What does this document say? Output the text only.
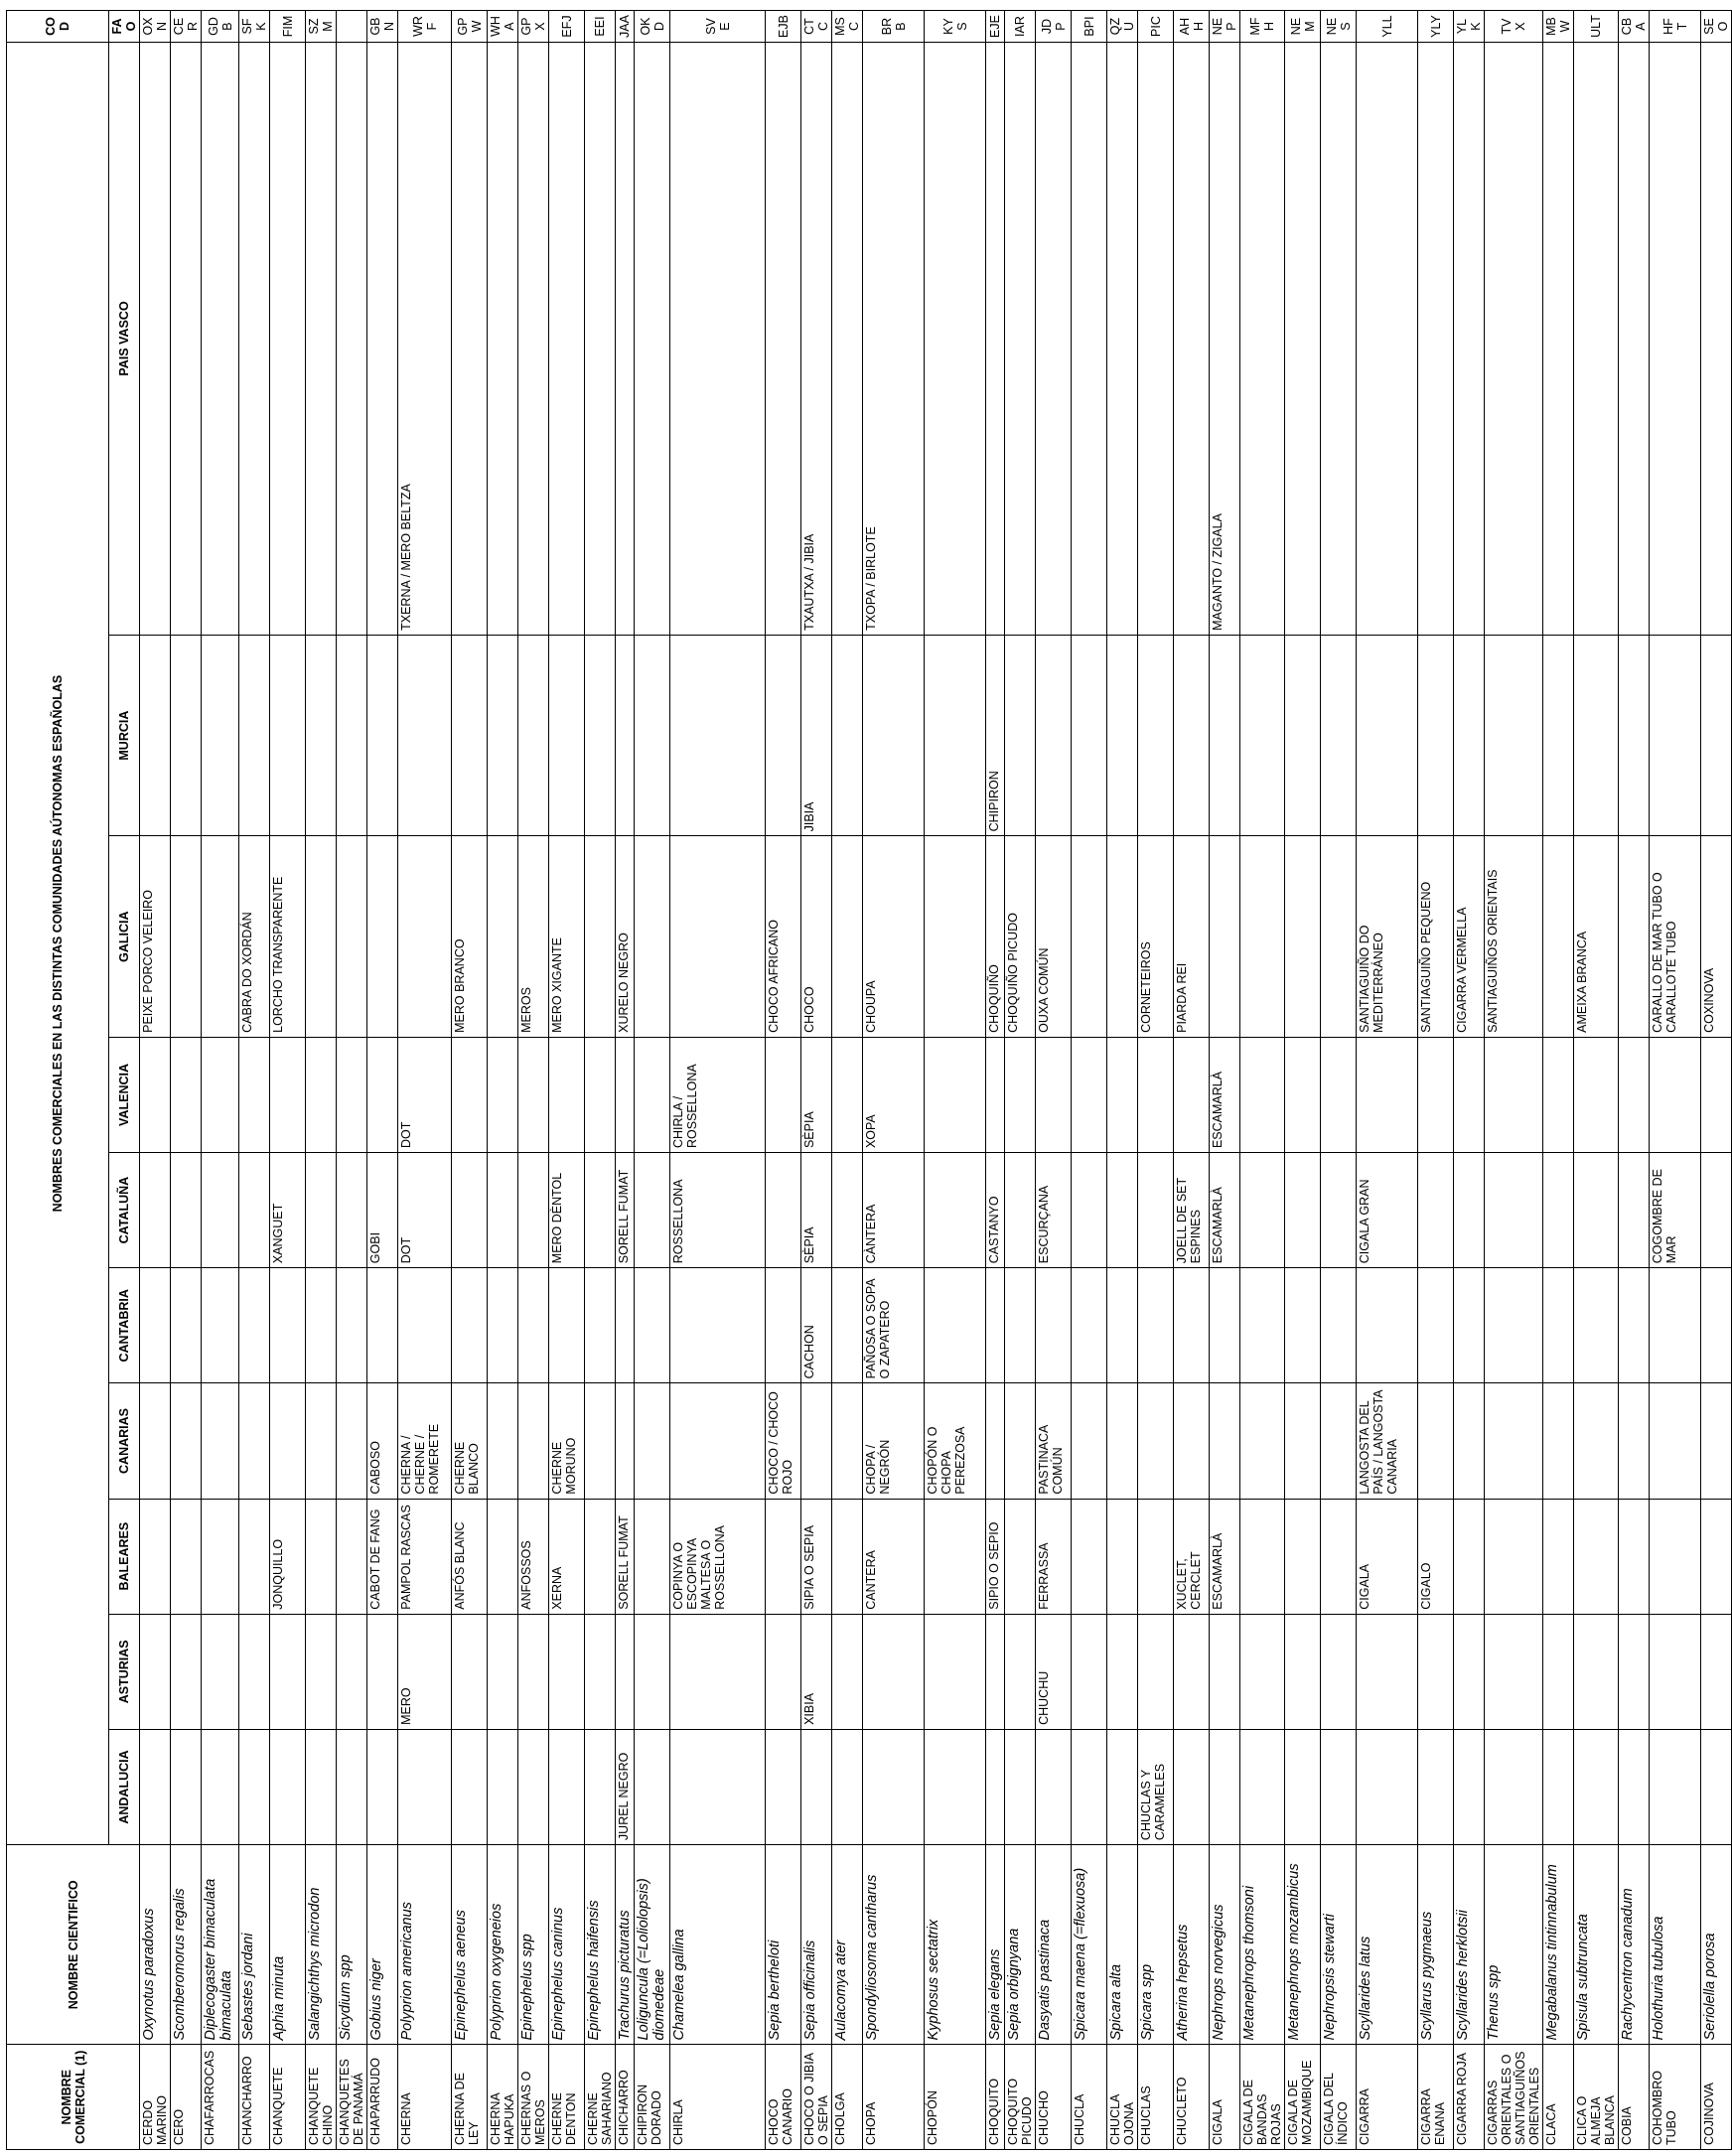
NOMBRE COMERCIAL (1)	NOMBRE CIENTIFICO	NOMBRES COMERCIALES EN LAS DISTINTAS COMUNIDADES AÚTONOMAS ESPAÑOLAS										COD
		ANDALUCIA	ASTURIAS	BALEARES	CANARIAS	CANTABRIA	CATALUÑA	VALENCIA	GALICIA	MURCIA	PAIS VASCO	FAO
CERDO MARINO	Oxynotus paradoxus								PEIXE PORCO VELEIRO			OXN
CERO	Scomberomorus regalis											CER
CHAFARROCAS	Diplecogaster bimaculata bimaculata											GDB
CHANCHARRO	Sebastes jordani								CABRA DO XORDÁN			SFK
CHANQUETE	Aphia minuta			JONQUILLO			XANGUET		LORCHO TRANSPARENTE			FIM
CHANQUETE CHINO	Salangichthys microdon											SZM
CHANQUETES DE PANAMÁ	Sicydium spp											
CHAPARRUDO	Gobius niger			CABOT DE FANG	CABOSO		GOBI					GBN
CHERNA	Polyprion americanus		MERO	PAMPOL RASCAS	CHERNA / CHERNE / ROMERETE		DOT	DOT			TXERNA / MERO BELTZA	WRF
CHERNA DE LEY	Epinephelus aeneus			ANFÓS BLANC	CHERNE BLANCO				MERO BRANCO			GPW
CHERNA HAPUKA	Polyprion oxygeneios											WHA
CHERNAS O MEROS	Epinephelus spp			ANFOSSOS					MEROS			GPX
CHERNE DENTON	Epinephelus caninus			XERNA	CHERNE MORUNO		MERO DÈNTOL		MERO XIGANTE			EFJ
CHERNE SAHARIANO	Epinephelus haifensis											EEI
CHICHARRO	Trachurus picturatus	JUREL NEGRO		SORELL FUMAT			SORELL FUMAT		XURELO NEGRO			JAA
CHIPIRON DORADO	Loliguncula (=Loliolopsis) diomedeae											OKD
CHIRLA	Chamelea gallina			COPINYA O ESCOPINYA MALTESA O ROSSELLONA			ROSSELLONA	CHIRLA / ROSSELLONA				SVE
CHOCO CANARIO	Sepia bertheloti				CHOCO / CHOCO ROJO				CHOCO AFRICANO			EJB
CHOCO O JIBIA O SEPIA	Sepia officinalis		XIBIA	SIPIA O SEPIA		CACHON	SÈPIA	SÈPIA	CHOCO	JIBIA	TXAUTXA / JIBIA	CTC
CHOLGA	Aulacomya ater											MSC
CHOPA	Spondyliosoma cantharus			CANTERA	CHOPA / NEGRÓN	PAÑOSA O SOPA O ZAPATERO	CÀNTERA	XOPA	CHOUPA		TXOPA / BIRLOTE	BRB
CHOPÓN	Kyphosus sectatrix				CHOPÓN O CHOPA PEREZOSA							KYS
CHOQUITO	Sepia elegans			SIPIO O SEPIO			CASTANYO		CHOQUIÑO	CHIPIRON		EJE
CHOQUITO PICUDO	Sepia orbignyana								CHOQUIÑO PICUDO			IAR
CHUCHO	Dasyatis pastinaca		CHUCHU	FERRASSA	PASTINACA COMÚN		ESCURÇANA		OUXA COMÚN			JDP
CHUCLA	Spicara maena (=flexuosa)											BPI
CHUCLA OJONA	Spicara alta											QZU
CHUCLAS	Spicara spp	CHUCLAS Y CARAMELES							CORNETEIROS			PIC
CHUCLETO	Atherina hepsetus			XUCLET, CERCLET			JOELL DE SET ESPINES		PIARDA REI			AHH
CIGALA	Nephrops norvegicus			ESCAMARLÀ			ESCAMARLÀ	ESCAMARLÀ			MAGANTO / ZIGALA	NEP
CIGALA DE BANDAS ROJAS	Metanephrops thomsoni											MFH
CIGALA DE MOZAMBIQUE	Metanephrops mozambicus											NEM
CIGALA DEL ÍNDICO	Nephropsis stewarti											NES
CIGARRA	Scyllarides latus			CIGALA	LANGOSTA DEL PAÍS / LANGOSTA CANARIA		CIGALA GRAN		SANTIAGUIÑO DO MEDITERRÁNEO			YLL
CIGARRA ENANA	Scyllarus pygmaeus			CIGALO					SANTIAGUIÑO PEQUENO			YLY
CIGARRA ROJA	Scyllarides herklotsii								CIGARRA VERMELLA			YLK
CIGARRAS ORIENTALES O SANTIAGUIÑOS ORIENTALES	Thenus spp								SANTIAGUIÑOS ORIENTAIS			TVX
CLACA	Megabalanus tintinnabulum											MBW
CLICA O ALMEJA BLANCA	Spisula subtruncata								AMEIXA BRANCA			ULT
COBIA	Rachycentron canadum											CBA
COHOMBRO TUBO	Holothuria tubulosa						COGOMBRE DE MAR		CARALLO DE MAR TUBO O CARALLOTE TUBO			HFT
COJINOVA	Seriolella porosa								COXINOVA			SEO
